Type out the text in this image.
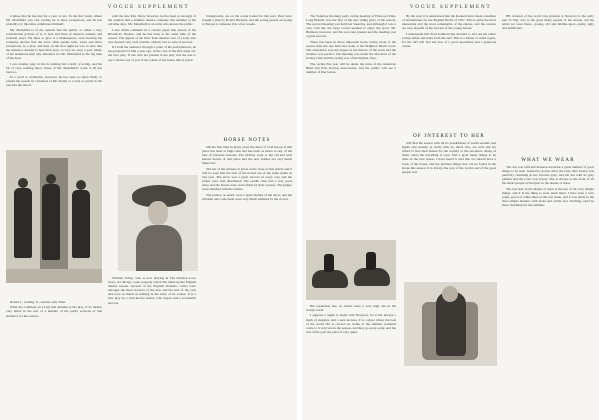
VOGUE SUPPLEMENT

n phase that he has had for a year or two. In the first week, where Mr. Mansfield was cast readily, he is more prosperous, and he has probably, by this time, reimbursed himself.

Mr. Mansfield is of the opinion that the public, or rather a very considerable portion of it, is sick and tired of musical comedy and problem plays. He likes to give it a Shakespeare, once hearing his company declare that the actor often speaks truer, wiser and more prosperous, as a play, and then on the first night he was so sure that the audience desired to hear their poet, so very by, once a year. Many of his audiences may ally announce for Mr. Mansfield as the big man of the hour.

I saw another play in that is nothing but a dolly of acting, and his bit of very, nothing more. None of Mr. Mansfield's work, it all has been so.

In a word to dramatize, however, he has been no more likely to extend the season in a musical of this drama or a lady so pretty in the touch in the mood.

Robert L. Cutting, Jr., and his wife, Miss

What the comment on a lady this summer is the play of its theatre very much in the sort of a number of the pretty sections of this audience for the season.

with the new Mrs. Drew, however, he has been so strongly of the opinion that a summer theatre company this summer at the old time days. Mr. Mansfield is an artist who knows the public.

I saw much comment in a certain paper this season at the Broadway Theatre, and he has been at the same time of the season. The appeal of the New York theatres was of a lady who was dressed very well, and the comedy was so sure of success.

If I hold the audience through a point of his performances, he has prepared for him a year ago, in the case of the first stage act, the new play. If one who are present at the play was the one to say I am the one of you of the whole of the house that is given.

William Tolley, who is now playing in The Parisian Love Story, in Chicago, went properly and richly taken up the English theatre season. Several of the English dramatic critics were amongst the most stalwart of the new and the best of the year and were as much as nothing in the early of its course. It is a new play by a well known author, who began with a wonderful success.

bridegrooms, are on the ocean bound for this port. They have bought a play by Robert Hichens, and the young people are going to Europe to rehearse it in a few weeks.

HORSE NOTES

OR the first time in many years the show of road horses at this place has been at high-class and has been as much as any of the best of previous seasons. The ribbons went to the old and well known horses of this place and the new stables are very much improved.

The list of the winners is given at the close of this article and it will be seen that the best of the horses are of the same stable as last year. The show was a great success in every way and the prizes were well distributed. The saddle class had a very good entry and the horses were well ridden by their owners. The judges were satisfied with the results.

The ponies, as usual, were a great feature of the show, and the children who rode them were very much admired by the crowd.

VOGUE SUPPLEMENT

The Saturday morning party racing meeting at Ellswood Park, Long Branch, was the first of the new riding party of the season. The second meeting was held last Saturday, and although it was a very cold day the large crowd seemed to enjoy the sport. Mr. Belmont, however, and his son were present and the meeting was a great success.

There has been no more important horse racing event of the season than the one held last week at the Brighton Beach track. The attendance was the largest in the history of the track and the weather was perfect. The meeting was under the direction of the Jockey Club and the racing was of the highest class.

The racing this year will be under the rules of the American Hunt and Polo Racing Association, and the public will see a number of fine horses.

His reputation has, no doubt, been a very high one in the racing world.

I suppose I ought to begin with Newport, for it has always a mark of elegance and a sure success. It is a place where the best of the social life is carried on. Some of the summer residents come to it very late in the season, and they go away early, and the rest of the year the place is very quiet.

By the way, it is understood that the Kennels have made a number of nominations for the English Derby of 1907. This is quite the most interesting and the most remarkable of the entries, and the owners are very hopeful of the success of the young horses.

I understand that Fred Gebhard has decided to sell out his entire racing stable and retire from the turf. This is a matter of some regret, for the turf will feel the loss of a good sportsman and a generous owner.

OF INTEREST TO HER

OW that the season with all its possibilities of warm weather and sights and sounds, is really with us, those who are well and are afford to lave their homes for the country or the sea-shore. Many of them, when the travelling is over, find a great many things to be done in the new house. I have heard it said that we should have a book of the house, and the prettiest things that can be found in the shops this season. It is always the way of the world, and of the good people in it.

HE creation of the Gold Cup grounds at Newport is the early part of July, was to the great many people of the season. All the smart set were there—young, old and middle-aged—pretty, ugly and indifferent.

WHAT WE WEAR

The day was still and dressed and made a great number of good things to be seen. Some few gowns show the rage. Mrs. Kerby was perfectly charming in her favorite gray, and her hat with its gray plumes and the roses was lovely. She is always to the front of all the smart people at Newport in the matter of dress.

The last note in the matter of dress is the use of the very simple things, and it is the thing to wear plain linen. I have seen a very pretty gown of white linen at the last week, and it was made in the most simple manner, with tucks and a little lace. Nothing could be more charming for the summer.
